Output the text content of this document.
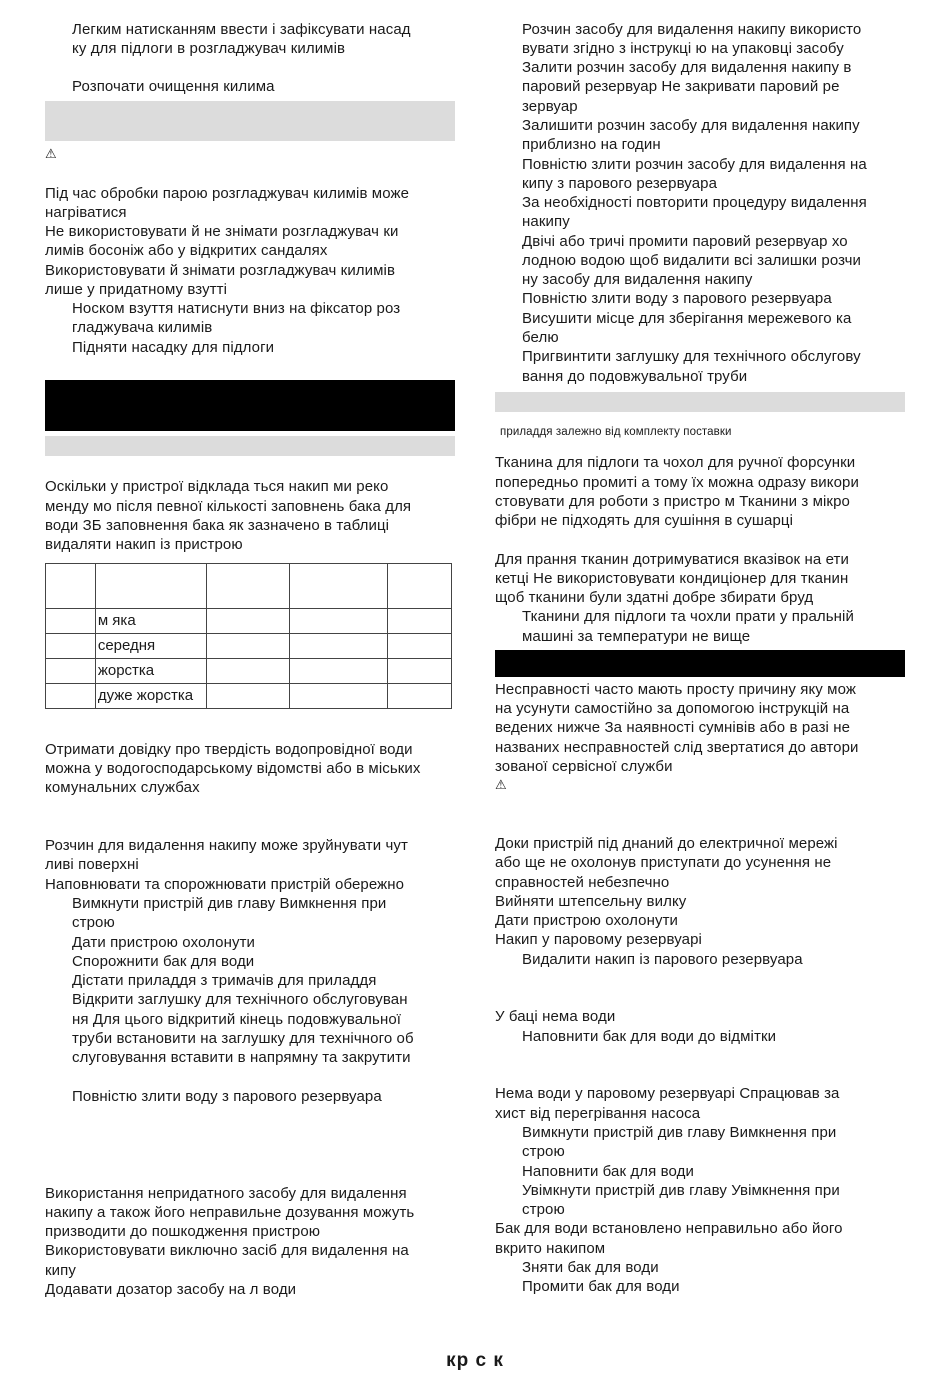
Легким натисканням ввести і зафіксувати насад
ку для підлоги в розгладжувач килимів
Розпочати очищення килима
⚠
Під час обробки парою розгладжувач килимів може
нагріватися
Не використовувати й не знімати розгладжувач ки
лимів босоніж або у відкритих сандалях
Використовувати й знімати розгладжувач килимів
лише у придатному взутті
Носком взуття натиснути вниз на фіксатор роз
гладжувача килимів
Підняти насадку для підлоги
Оскільки у пристрої відклада ться накип ми реко
менду мо після певної кількості заповнень бака для
води ЗБ заповнення бака як зазначено в таблиці
видаляти накип із пристрою
Отримати довідку про твердість водопровідної води
можна у водогосподарському відомстві або в міських
комунальних службах
Розчин для видалення накипу може зруйнувати чут
ливі поверхні
Наповнювати та спорожнювати пристрій обережно
Вимкнути пристрій див главу Вимкнення при
строю
Дати пристрою охолонути
Спорожнити бак для води
Дістати приладдя з тримачів для приладдя
Відкрити заглушку для технічного обслуговуван
ня Для цього відкритий кінець подовжувальної
труби встановити на заглушку для технічного об
слуговування вставити в напрямну та закрутити
Повністю злити воду з парового резервуара
Використання непридатного засобу для видалення
накипу а також його неправильне дозування можуть
призводити до пошкодження пристрою
Використовувати виключно засіб для видалення на
кипу
Додавати дозатор засобу на л води

	м яка			
	середня			
	жорстка			
	дуже жорстка			
Розчин засобу для видалення накипу використо
вувати згідно з інструкці ю на упаковці засобу
Залити розчин засобу для видалення накипу в
паровий резервуар Не закривати паровий ре
зервуар
Залишити розчин засобу для видалення накипу
приблизно на годин
Повністю злити розчин засобу для видалення на
кипу з парового резервуара
За необхідності повторити процедуру видалення
накипу
Двічі або тричі промити паровий резервуар хо
лодною водою щоб видалити всі залишки розчи
ну засобу для видалення накипу
Повністю злити воду з парового резервуара
Висушити місце для зберігання мережевого ка
белю
Пригвинтити заглушку для технічного обслугову
вання до подовжувальної труби
приладдя залежно від комплекту поставки
Тканина для підлоги та чохол для ручної форсунки
попередньо промиті а тому їх можна одразу викори
стовувати для роботи з пристро м Тканини з мікро
фібри не підходять для сушіння в сушарці
Для прання тканин дотримуватися вказівок на ети
кетці Не використовувати кондиціонер для тканин
щоб тканини були здатні добре збирати бруд
Тканини для підлоги та чохли прати у пральній
машині за температури не вище
Несправності часто мають просту причину яку мож
на усунути самостійно за допомогою інструкцій на
ведених нижче За наявності сумнівів або в разі не
названих несправностей слід звертатися до автори
зованої сервісної служби
⚠
Доки пристрій під днаний до електричної мережі
або ще не охолонув приступати до усунення не
справностей небезпечно
Вийняти штепсельну вилку
Дати пристрою охолонути
Накип у паровому резервуарі
Видалити накип із парового резервуара
У баці нема води
Наповнити бак для води до відмітки
Нема води у паровому резервуарі Спрацював за
хист від перегрівання насоса
Вимкнути пристрій див главу Вимкнення при
строю
Наповнити бак для води
Увімкнути пристрій див главу Увімкнення при
строю
Бак для води встановлено неправильно або його
вкрито накипом
Зняти бак для води
Промити бак для води
кр с к
